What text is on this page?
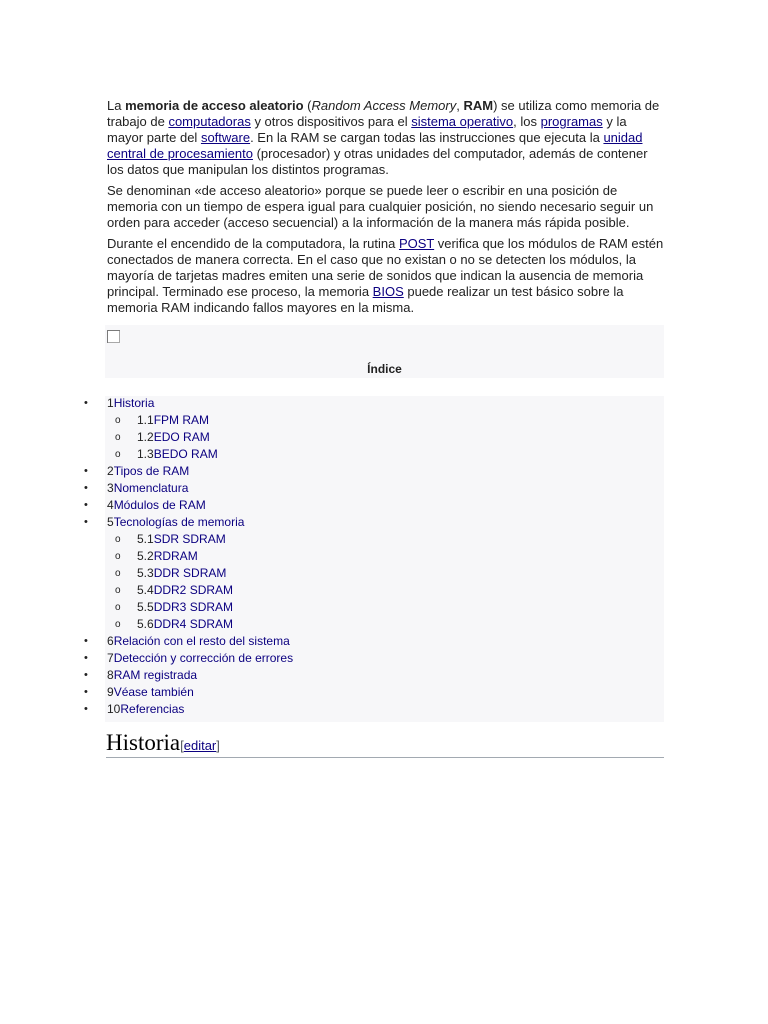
La memoria de acceso aleatorio (Random Access Memory, RAM) se utiliza como memoria de trabajo de computadoras y otros dispositivos para el sistema operativo, los programas y la mayor parte del software. En la RAM se cargan todas las instrucciones que ejecuta la unidad central de procesamiento (procesador) y otras unidades del computador, además de contener los datos que manipulan los distintos programas.

Se denominan «de acceso aleatorio» porque se puede leer o escribir en una posición de memoria con un tiempo de espera igual para cualquier posición, no siendo necesario seguir un orden para acceder (acceso secuencial) a la información de la manera más rápida posible.

Durante el encendido de la computadora, la rutina POST verifica que los módulos de RAM estén conectados de manera correcta. En el caso que no existan o no se detecten los módulos, la mayoría de tarjetas madres emiten una serie de sonidos que indican la ausencia de memoria principal. Terminado ese proceso, la memoria BIOS puede realizar un test básico sobre la memoria RAM indicando fallos mayores en la misma.

Índice
• 1Historia
o 1.1FPM RAM
o 1.2EDO RAM
o 1.3BEDO RAM
• 2Tipos de RAM
• 3Nomenclatura
• 4Módulos de RAM
• 5Tecnologías de memoria
o 5.1SDR SDRAM
o 5.2RDRAM
o 5.3DDR SDRAM
o 5.4DDR2 SDRAM
o 5.5DDR3 SDRAM
o 5.6DDR4 SDRAM
• 6Relación con el resto del sistema
• 7Detección y corrección de errores
• 8RAM registrada
• 9Véase también
• 10Referencias
Historia[editar]
